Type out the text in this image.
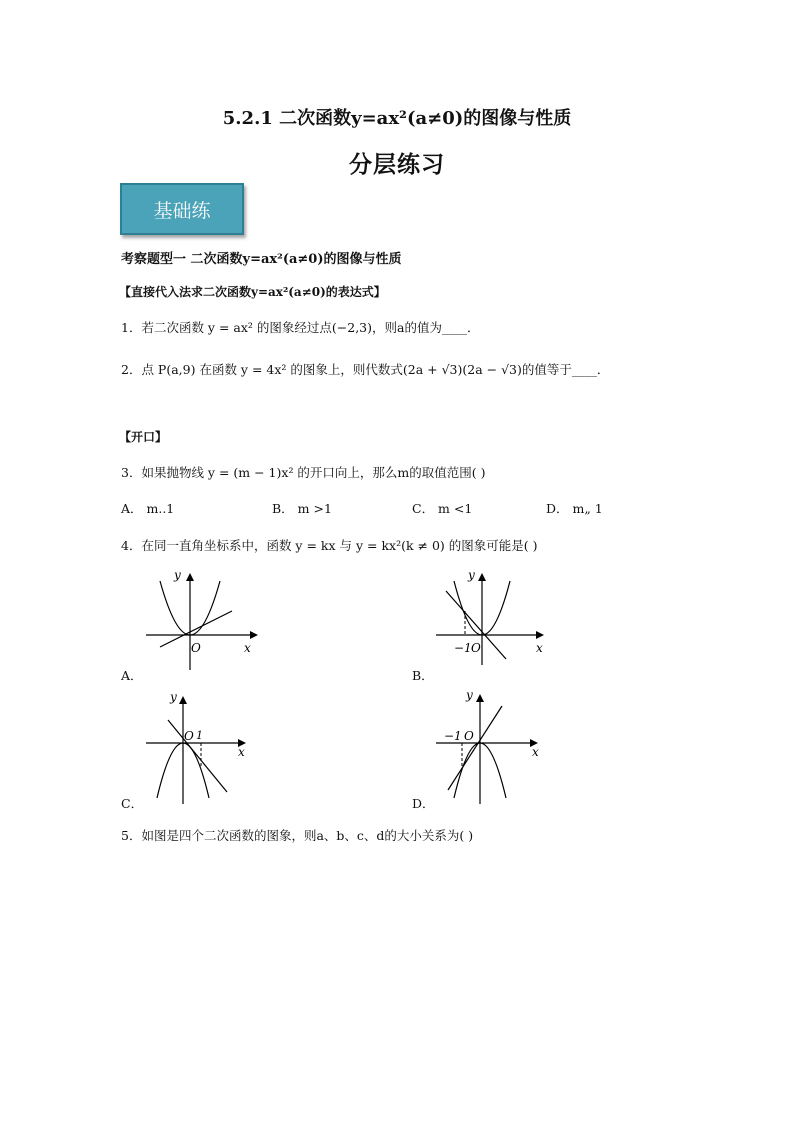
5.2.1 二次函数y=ax²(a≠0)的图像与性质
分层练习
基础练
考察题型一 二次函数y=ax²(a≠0)的图像与性质
【直接代入法求二次函数y=ax²(a≠0)的表达式】
1．若二次函数 y = ax² 的图象经过点(−2,3)，则a的值为____．
2．点 P(a,9) 在函数 y = 4x² 的图象上，则代数式(2a + √3)(2a − √3)的值等于____．
【开口】
3．如果抛物线 y = (m − 1)x² 的开口向上，那么m的取值范围( )
A． m..1	B． m >1	C． m <1	D． m„ 1
4．在同一直角坐标系中，函数 y = kx 与 y = kx²(k ≠ 0) 的图象可能是( )
y
x
O
A．
y
x
−1 O
B．
y
x
O 1
C．
y
x
−1 O
D．
5．如图是四个二次函数的图象，则a、b、c、d的大小关系为( )
